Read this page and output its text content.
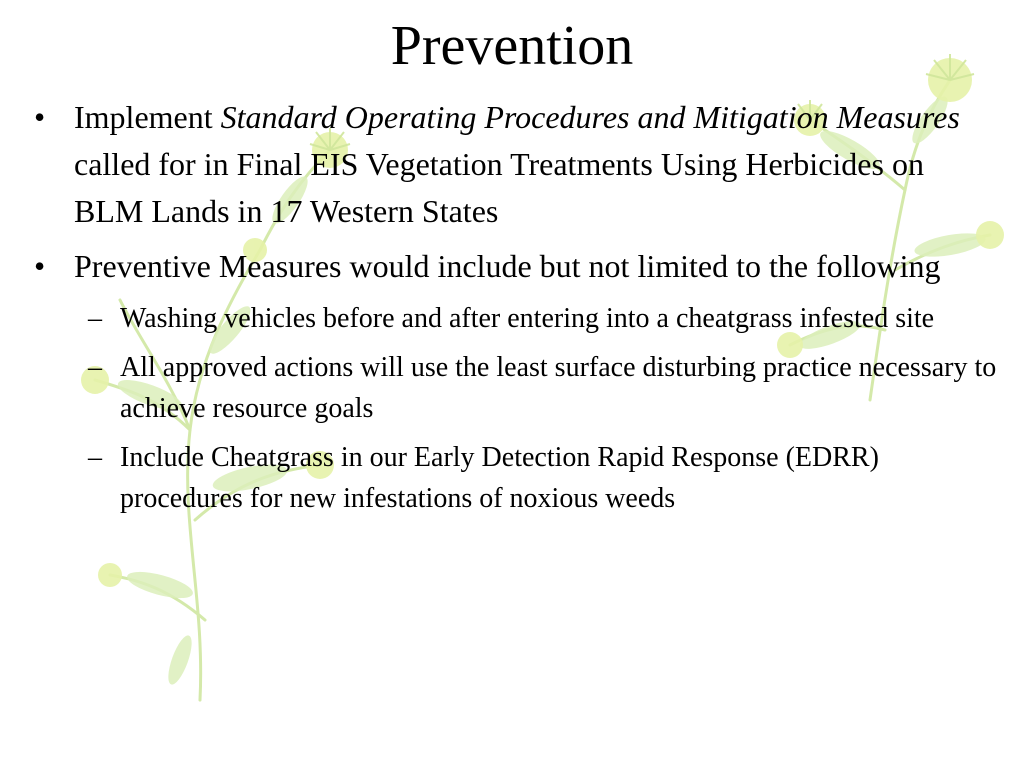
Prevention
• Implement Standard Operating Procedures and Mitigation Measures called for in Final EIS Vegetation Treatments Using Herbicides on BLM Lands in 17 Western States
• Preventive Measures would include but not limited to the following
– Washing vehicles before and after entering into a cheatgrass infested site
– All approved actions will use the least surface disturbing practice necessary to achieve resource goals
– Include Cheatgrass in our Early Detection Rapid Response (EDRR) procedures for new infestations of noxious weeds
